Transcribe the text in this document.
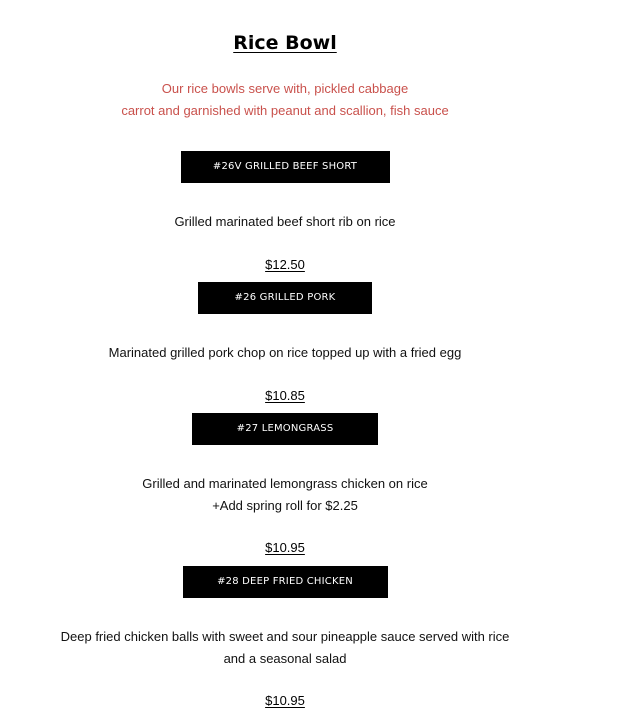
Rice Bowl
Our rice bowls serve with, pickled cabbage
carrot and garnished with peanut and scallion, fish sauce
#26V GRILLED BEEF SHORT RIBS
Grilled marinated beef short rib on rice
$12.50
#26 GRILLED PORK CHOP
Marinated grilled pork chop on rice topped up with a fried egg
$10.85
#27 LEMONGRASS CHICKEN
Grilled and marinated lemongrass chicken on rice
+Add spring roll for $2.25
$10.95
#28 DEEP FRIED CHICKEN BALL
Deep fried chicken balls with sweet and sour pineapple sauce served with rice
and a seasonal salad
$10.95
